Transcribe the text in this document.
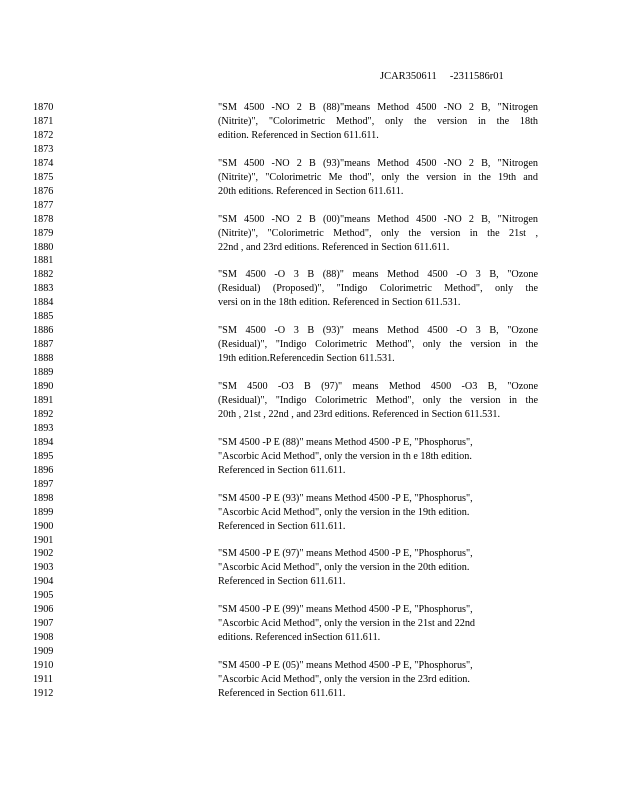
JCAR350611     -2311586r01
1870	"SM 4500 -NO 2 B (88)"means Method 4500 -NO 2 B, "Nitrogen
1871	(Nitrite)", "Colorimetric Method", only the version in the 18th
1872	edition. Referenced in Section 611.611.
1873
1874	"SM 4500 -NO 2 B (93)"means Method 4500 -NO 2 B, "Nitrogen
1875	(Nitrite)", "Colorimetric Me thod", only the version in the 19th and
1876	20th editions. Referenced in Section 611.611.
1877
1878	"SM 4500 -NO 2 B (00)"means Method 4500 -NO 2 B, "Nitrogen
1879	(Nitrite)", "Colorimetric Method", only the version in the 21st ,
1880	22nd , and 23rd editions. Referenced in Section 611.611.
1881
1882	"SM 4500 -O 3 B (88)" means Method 4500 -O 3 B, "Ozone
1883	(Residual) (Proposed)", "Indigo Colorimetric Method", only the
1884	versi on in the 18th edition. Referenced in Section 611.531.
1885
1886	"SM 4500 -O 3 B (93)" means Method 4500 -O 3 B, "Ozone
1887	(Residual)", "Indigo Colorimetric Method", only the version in the
1888	19th edition.Referencedin Section 611.531.
1889
1890	"SM 4500 -O3 B (97)" means Method 4500 -O3 B, "Ozone
1891	(Residual)", "Indigo Colorimetric Method", only the version in the
1892	20th , 21st , 22nd , and 23rd editions. Referenced in Section 611.531.
1893
1894	"SM 4500 -P E (88)" means Method 4500 -P E, "Phosphorus",
1895	"Ascorbic Acid Method", only the version in th e 18th edition.
1896	Referenced in Section 611.611.
1897
1898	"SM 4500 -P E (93)" means Method 4500 -P E, "Phosphorus",
1899	"Ascorbic Acid Method", only the version in the 19th edition.
1900	Referenced in Section 611.611.
1901
1902	"SM 4500 -P E (97)" means Method 4500 -P E, "Phosphorus",
1903	"Ascorbic Acid Method", only the version in the 20th edition.
1904	Referenced in Section 611.611.
1905
1906	"SM 4500 -P E (99)" means Method 4500 -P E, "Phosphorus",
1907	"Ascorbic Acid Method", only the version in the 21st and 22nd
1908	editions. Referenced inSection 611.611.
1909
1910	"SM 4500 -P E (05)" means Method 4500 -P E, "Phosphorus",
1911	"Ascorbic Acid Method", only the version in the 23rd edition.
1912	Referenced in Section 611.611.
